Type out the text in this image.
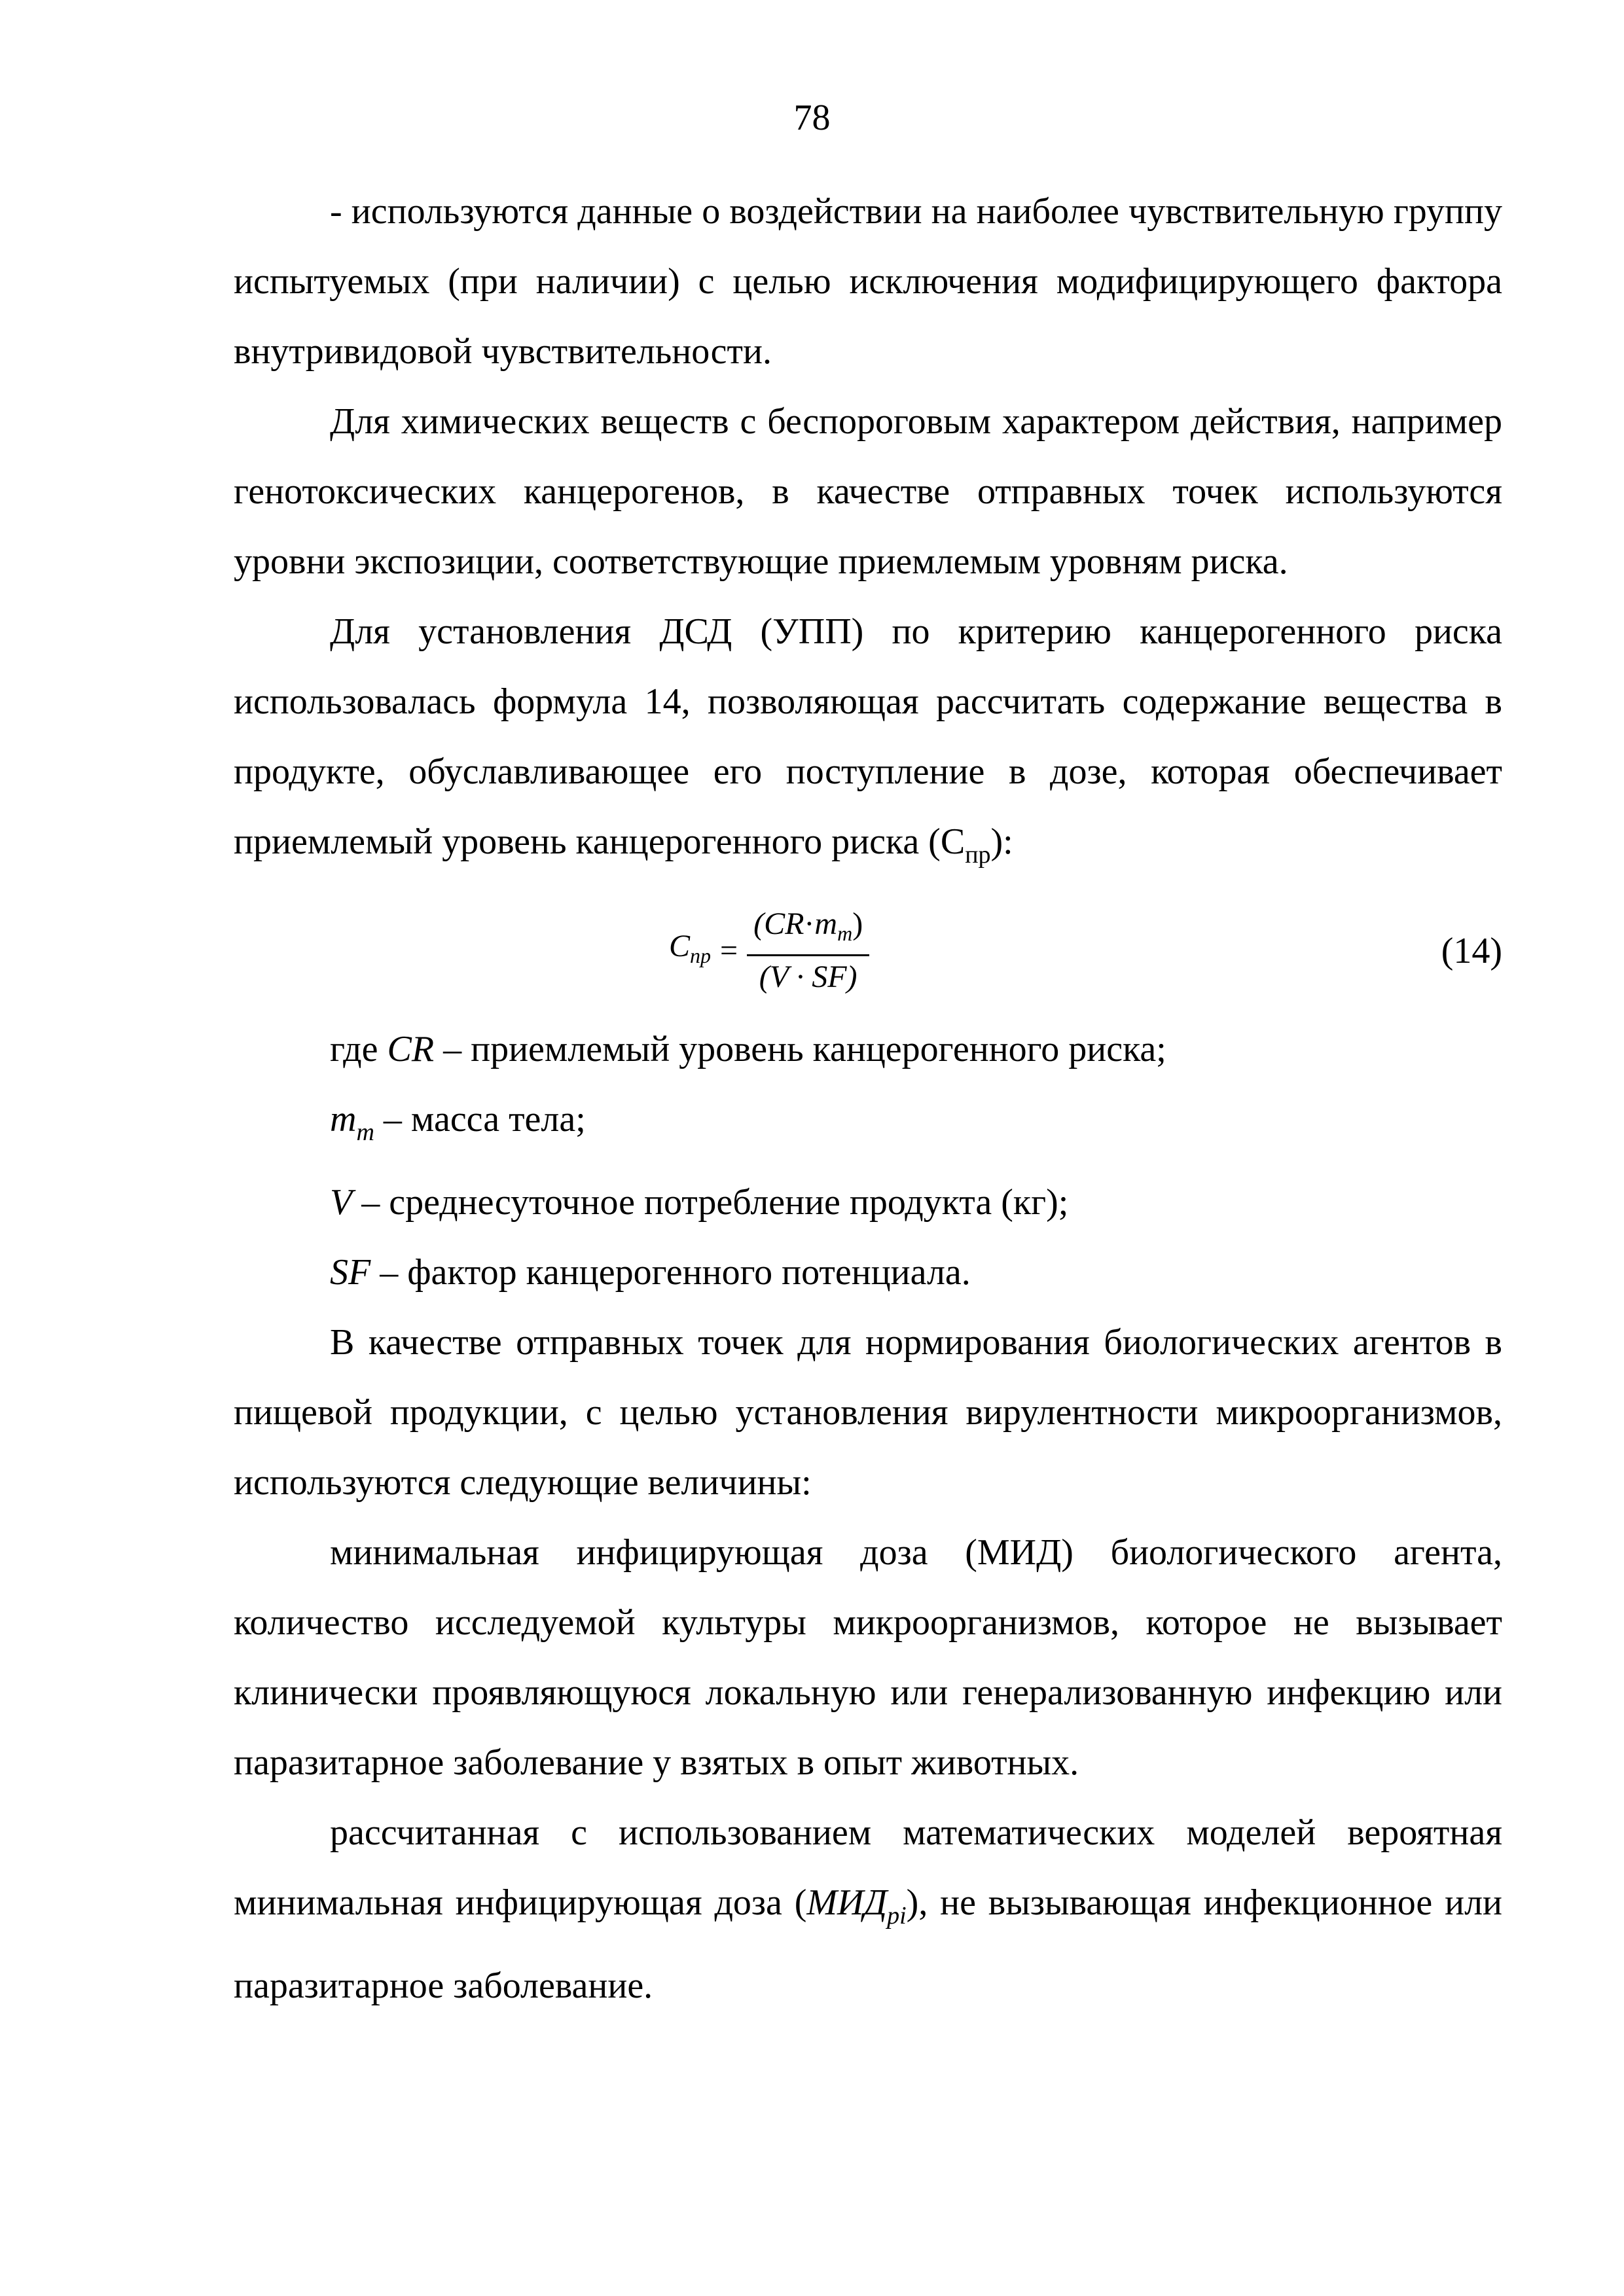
78

- используются данные о воздействии на наиболее чувствительную группу испытуемых (при наличии) с целью исключения модифицирующего фактора внутривидовой чувствительности.

Для химических веществ с беспороговым характером действия, например генотоксических канцерогенов, в качестве отправных точек используются уровни экспозиции, соответствующие приемлемым уровням риска.

Для установления ДСД (УПП) по критерию канцерогенного риска использовалась формула 14, позволяющая рассчитать содержание вещества в продукте, обуславливающее его поступление в дозе, которая обеспечивает приемлемый уровень канцерогенного риска $(С_{пр})$:

$C_{пр} = \frac{(CR\cdot m_m)}{(V \cdot SF)}$	(14)

где CR – приемлемый уровень канцерогенного риска;

$m_m$ – масса тела;

V – среднесуточное потребление продукта (кг);

SF – фактор канцерогенного потенциала.

В качестве отправных точек для нормирования биологических агентов в пищевой продукции, с целью установления вирулентности микроорганизмов, используются следующие величины:

минимальная инфицирующая доза (МИД) биологического агента, количество исследуемой культуры микроорганизмов, которое не вызывает клинически проявляющуюся локальную или генерализованную инфекцию или паразитарное заболевание у взятых в опыт животных.

рассчитанная с использованием математических моделей вероятная минимальная инфицирующая доза $(МИД_{pi})$, не вызывающая инфекционное или паразитарное заболевание.
